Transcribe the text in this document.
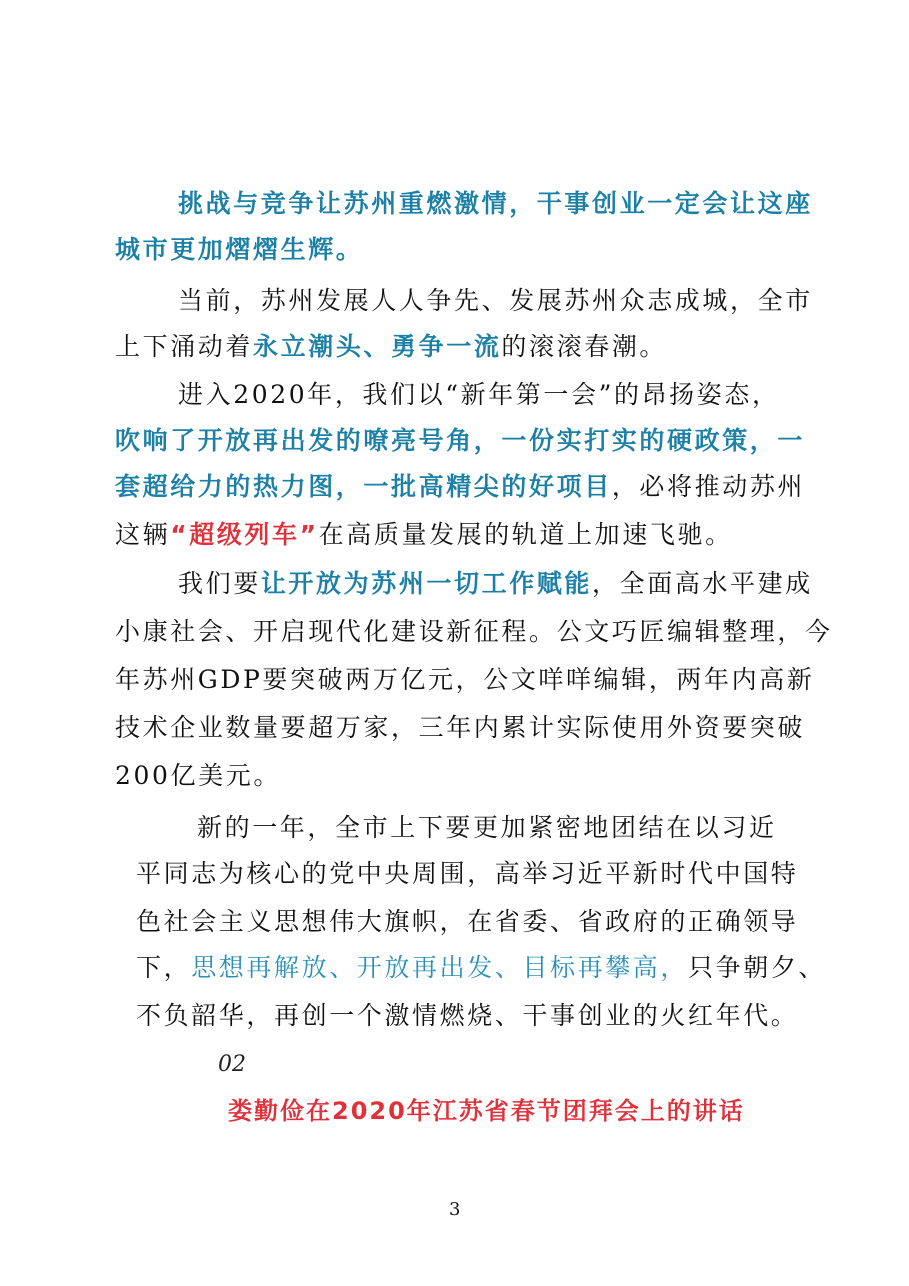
挑战与竞争让苏州重燃激情，干事创业一定会让这座
城市更加熠熠生辉。
当前，苏州发展人人争先、发展苏州众志成城，全市
上下涌动着永立潮头、勇争一流的滚滚春潮。
进入2020年，我们以“新年第一会”的昂扬姿态，
吹响了开放再出发的嘹亮号角，一份实打实的硬政策，一
套超给力的热力图，一批高精尖的好项目，必将推动苏州
这辆“超级列车”在高质量发展的轨道上加速飞驰。
我们要让开放为苏州一切工作赋能，全面高水平建成
小康社会、开启现代化建设新征程。公文巧匠编辑整理，今
年苏州GDP要突破两万亿元，公文咩咩编辑，两年内高新
技术企业数量要超万家，三年内累计实际使用外资要突破
200亿美元。
新的一年，全市上下要更加紧密地团结在以习近
平同志为核心的党中央周围，高举习近平新时代中国特
色社会主义思想伟大旗帜，在省委、省政府的正确领导
下，思想再解放、开放再出发、目标再攀高，只争朝夕、
不负韶华，再创一个激情燃烧、干事创业的火红年代。
02
娄勤俭在2020年江苏省春节团拜会上的讲话
3
